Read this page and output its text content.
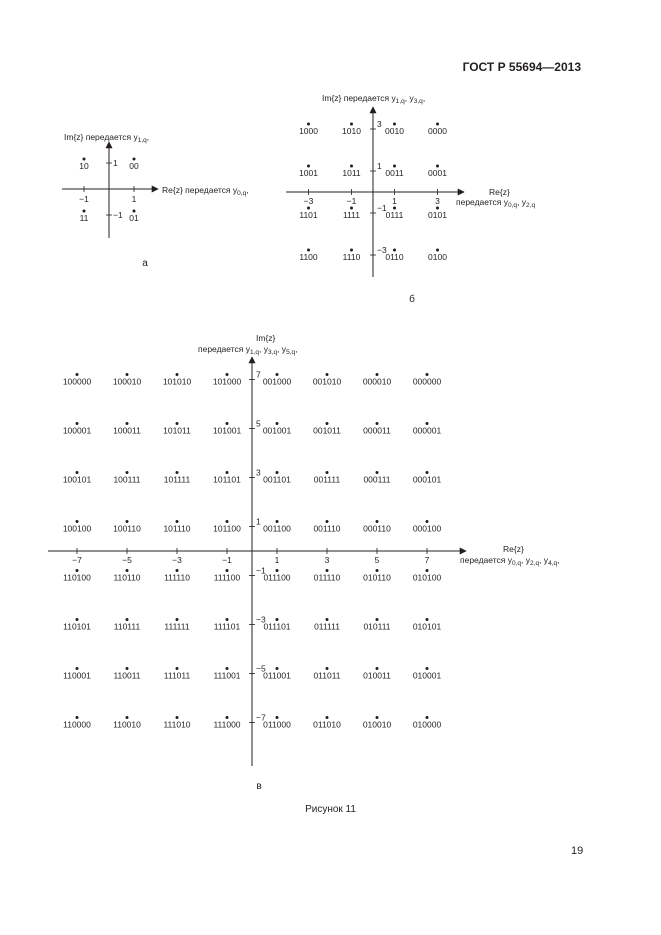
ГОСТ Р 55694—2013
Im{z} передается $y_{1,q}$,
Re{z} передается $y_{0,q}$,
а
−1	1
1
−1
10	00
11	01
Im{z} передается $y_{1,q}$, $y_{3,q}$,
Re{z}
передается $y_{0,q}$, $y_{2,q}$
б
−3	−1	1	3
3
1
−1
−3
1000	1010	0010	0000
1001	1011	0011	0001
1101	1111	0111	0101
1100	1110	0110	0100
Im{z}
передается $y_{1,q}$, $y_{3,q}$, $y_{5,q}$,
Re{z}
передается $y_{0,q}$, $y_{2,q}$, $y_{4,q}$,
в
−7	−5	−3	−1	1	3	5	7
7
5
3
1
−1
−3
−5
−7
100000	100010	101010	101000	001000	001010	000010	000000
100001	100011	101011	101001	001001	001011	000011	000001
100101	100111	101111	101101	001101	001111	000111	000101
100100	100110	101110	101100	001100	001110	000110	000100
110100	110110	111110	111100	011100	011110	010110	010100
110101	110111	111111	111101	011101	011111	010111	010101
110001	110011	111011	111001	011001	011011	010011	010001
110000	110010	111010	111000	011000	011010	010010	010000
Рисунок 11
19
